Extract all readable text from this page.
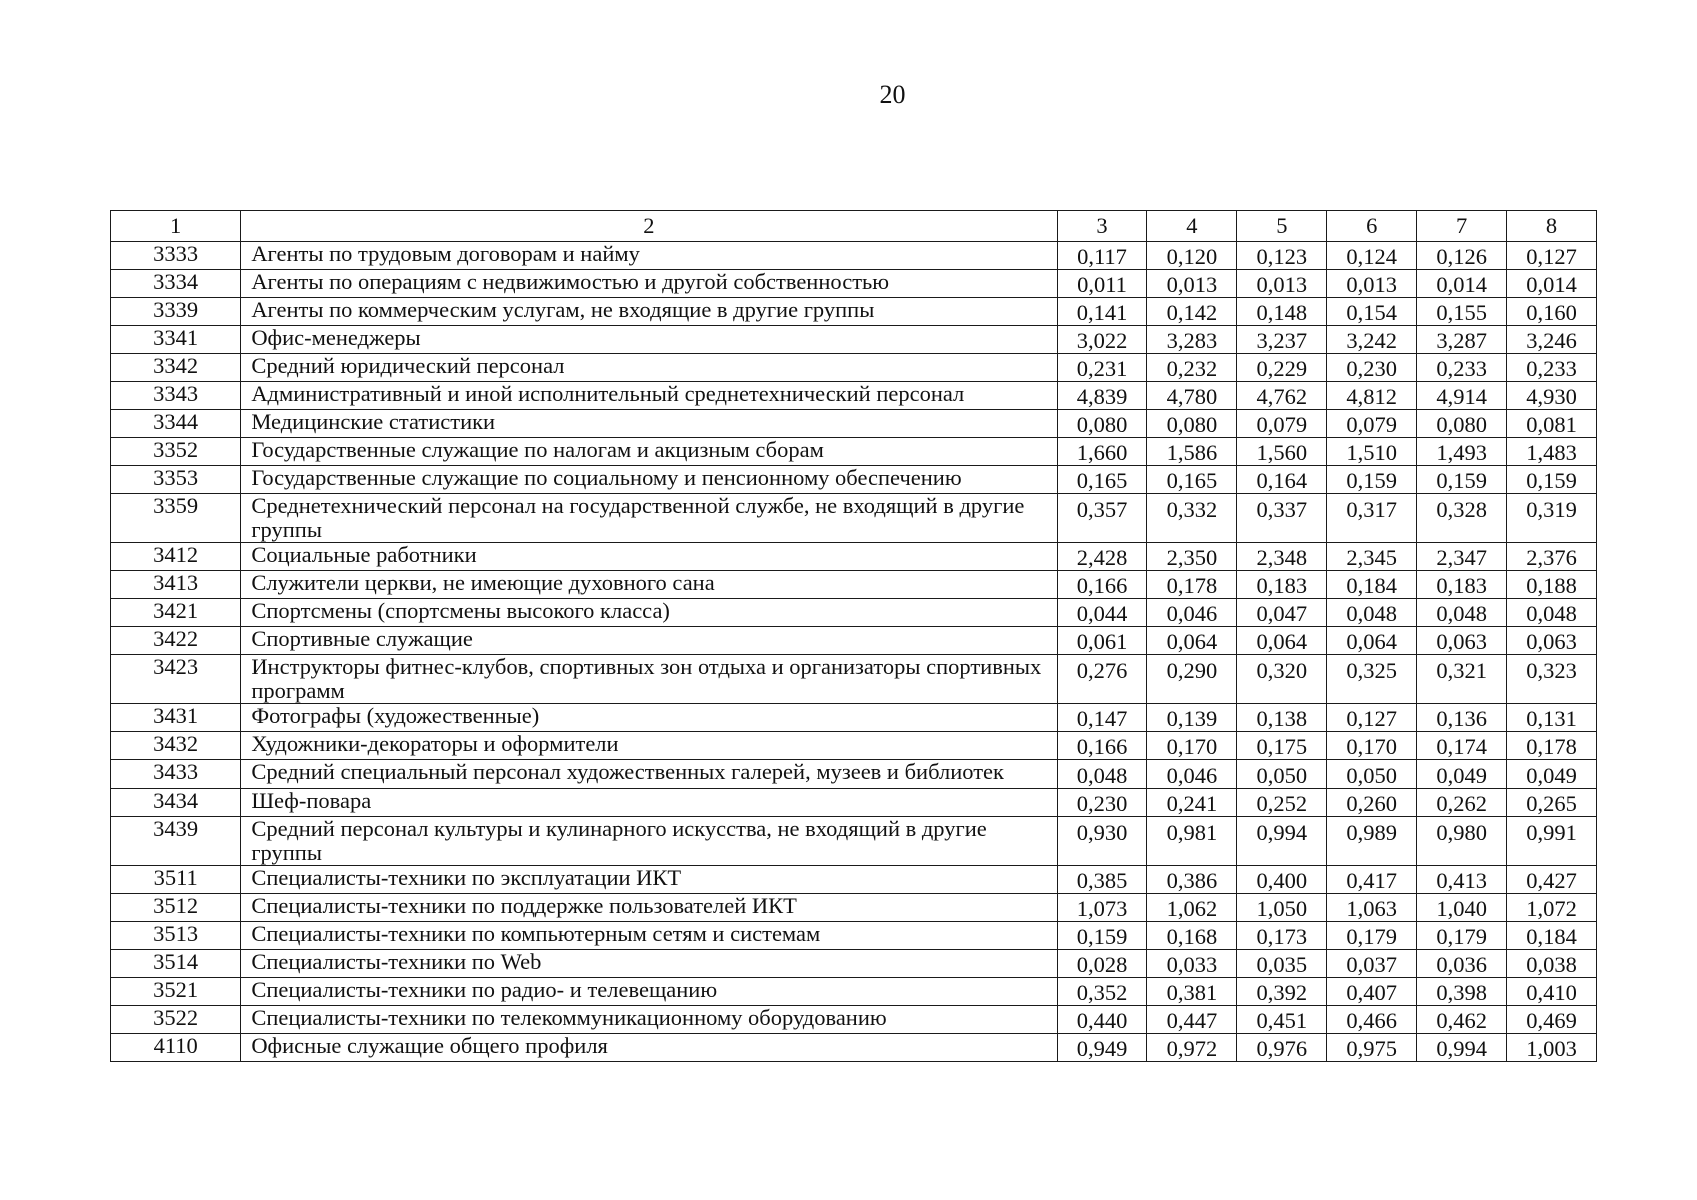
20
1	2	3	4	5	6	7	8
3333	Агенты по трудовым договорам и найму	0,117	0,120	0,123	0,124	0,126	0,127
3334	Агенты по операциям с недвижимостью и другой собственностью	0,011	0,013	0,013	0,013	0,014	0,014
3339	Агенты по коммерческим услугам, не входящие в другие группы	0,141	0,142	0,148	0,154	0,155	0,160
3341	Офис-менеджеры	3,022	3,283	3,237	3,242	3,287	3,246
3342	Средний юридический персонал	0,231	0,232	0,229	0,230	0,233	0,233
3343	Административный и иной исполнительный среднетехнический персонал	4,839	4,780	4,762	4,812	4,914	4,930
3344	Медицинские статистики	0,080	0,080	0,079	0,079	0,080	0,081
3352	Государственные служащие по налогам и акцизным сборам	1,660	1,586	1,560	1,510	1,493	1,483
3353	Государственные служащие по социальному и пенсионному обеспечению	0,165	0,165	0,164	0,159	0,159	0,159
3359	Среднетехнический персонал на государственной службе, не входящий в другие группы	0,357	0,332	0,337	0,317	0,328	0,319
3412	Социальные работники	2,428	2,350	2,348	2,345	2,347	2,376
3413	Служители церкви, не имеющие духовного сана	0,166	0,178	0,183	0,184	0,183	0,188
3421	Спортсмены (спортсмены высокого класса)	0,044	0,046	0,047	0,048	0,048	0,048
3422	Спортивные служащие	0,061	0,064	0,064	0,064	0,063	0,063
3423	Инструкторы фитнес-клубов, спортивных зон отдыха и организаторы спортивных программ	0,276	0,290	0,320	0,325	0,321	0,323
3431	Фотографы (художественные)	0,147	0,139	0,138	0,127	0,136	0,131
3432	Художники-декораторы и оформители	0,166	0,170	0,175	0,170	0,174	0,178
3433	Средний специальный персонал художественных галерей, музеев и библиотек	0,048	0,046	0,050	0,050	0,049	0,049
3434	Шеф-повара	0,230	0,241	0,252	0,260	0,262	0,265
3439	Средний персонал культуры и кулинарного искусства, не входящий в другие группы	0,930	0,981	0,994	0,989	0,980	0,991
3511	Специалисты-техники по эксплуатации ИКТ	0,385	0,386	0,400	0,417	0,413	0,427
3512	Специалисты-техники по поддержке пользователей ИКТ	1,073	1,062	1,050	1,063	1,040	1,072
3513	Специалисты-техники по компьютерным сетям и системам	0,159	0,168	0,173	0,179	0,179	0,184
3514	Специалисты-техники по Web	0,028	0,033	0,035	0,037	0,036	0,038
3521	Специалисты-техники по радио- и телевещанию	0,352	0,381	0,392	0,407	0,398	0,410
3522	Специалисты-техники по телекоммуникационному оборудованию	0,440	0,447	0,451	0,466	0,462	0,469
4110	Офисные служащие общего профиля	0,949	0,972	0,976	0,975	0,994	1,003
